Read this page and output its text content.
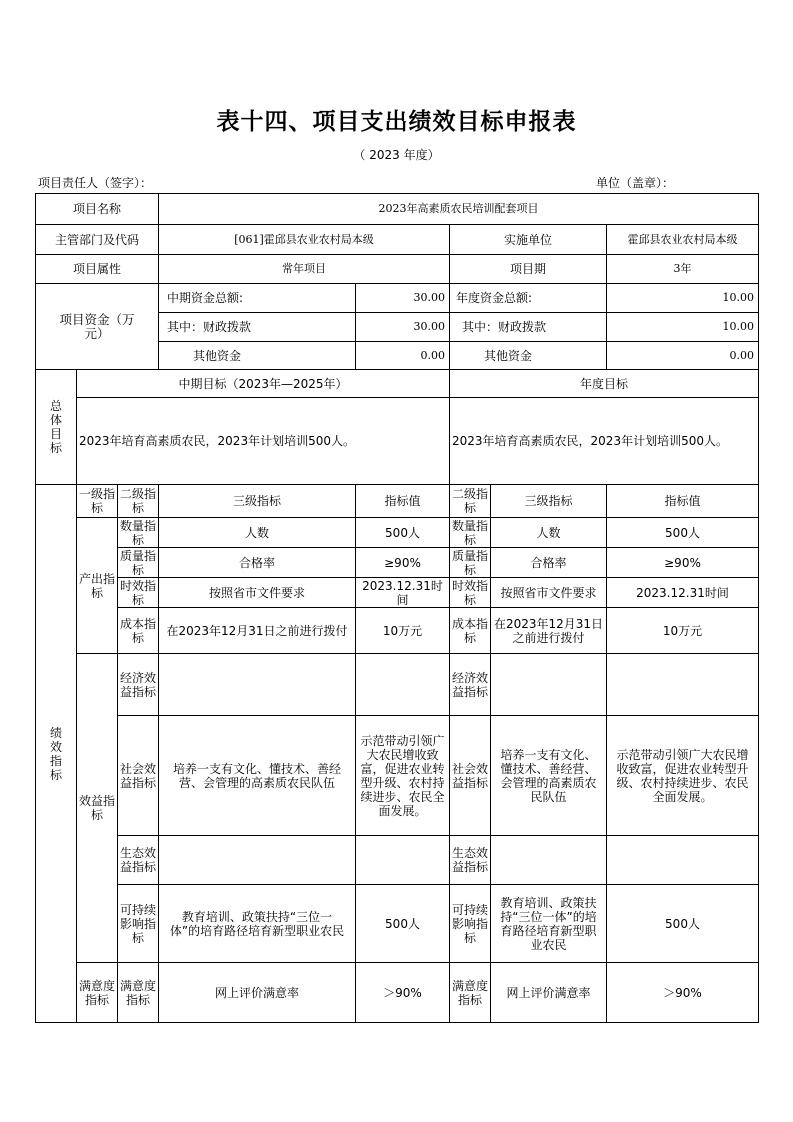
表十四、项目支出绩效目标申报表
（ 2023 年度）
项目责任人（签字）：	单位（盖章）：
项目名称			2023年高素质农民培训配套项目				
主管部门及代码			[061]霍邱县农业农村局本级		实施单位		霍邱县农业农村局本级
项目属性			常年项目		项目期		3年
项目资金（万元）			中期资金总额:	30.00	年度资金总额:		10.00
			其中：财政拨款	30.00	其中：财政拨款		10.00
			其他资金	0.00	其他资金		0.00
总体目标	中期目标（2023年—2025年）				年度目标		
	2023年培育高素质农民，2023年计划培训500人。				2023年培育高素质农民，2023年计划培训500人。		
绩效指标	一级指标	二级指标	三级指标	指标值	二级指标	三级指标	指标值
	产出指标	数量指标	人数	500人	数量指标	人数	500人
		质量指标	合格率	≥90%	质量指标	合格率	≥90%
		时效指标	按照省市文件要求	2023.12.31时间	时效指标	按照省市文件要求	2023.12.31时间
		成本指标	在2023年12月31日之前进行拨付	10万元	成本指标	在2023年12月31日之前进行拨付	10万元
	效益指标	经济效益指标			经济效益指标		
		社会效益指标	培养一支有文化、懂技术、善经营、会管理的高素质农民队伍	示范带动引领广大农民增收致富，促进农业转型升级、农村持续进步、农民全面发展。	社会效益指标	培养一支有文化、懂技术、善经营、会管理的高素质农民队伍	示范带动引领广大农民增收致富，促进农业转型升级、农村持续进步、农民全面发展。
		生态效益指标			生态效益指标		
		可持续影响指标	教育培训、政策扶持“三位一体”的培育路径培育新型职业农民	500人	可持续影响指标	教育培训、政策扶持“三位一体”的培育路径培育新型职业农民	500人
	满意度指标	满意度指标	网上评价满意率	＞90%	满意度指标	网上评价满意率	＞90%
